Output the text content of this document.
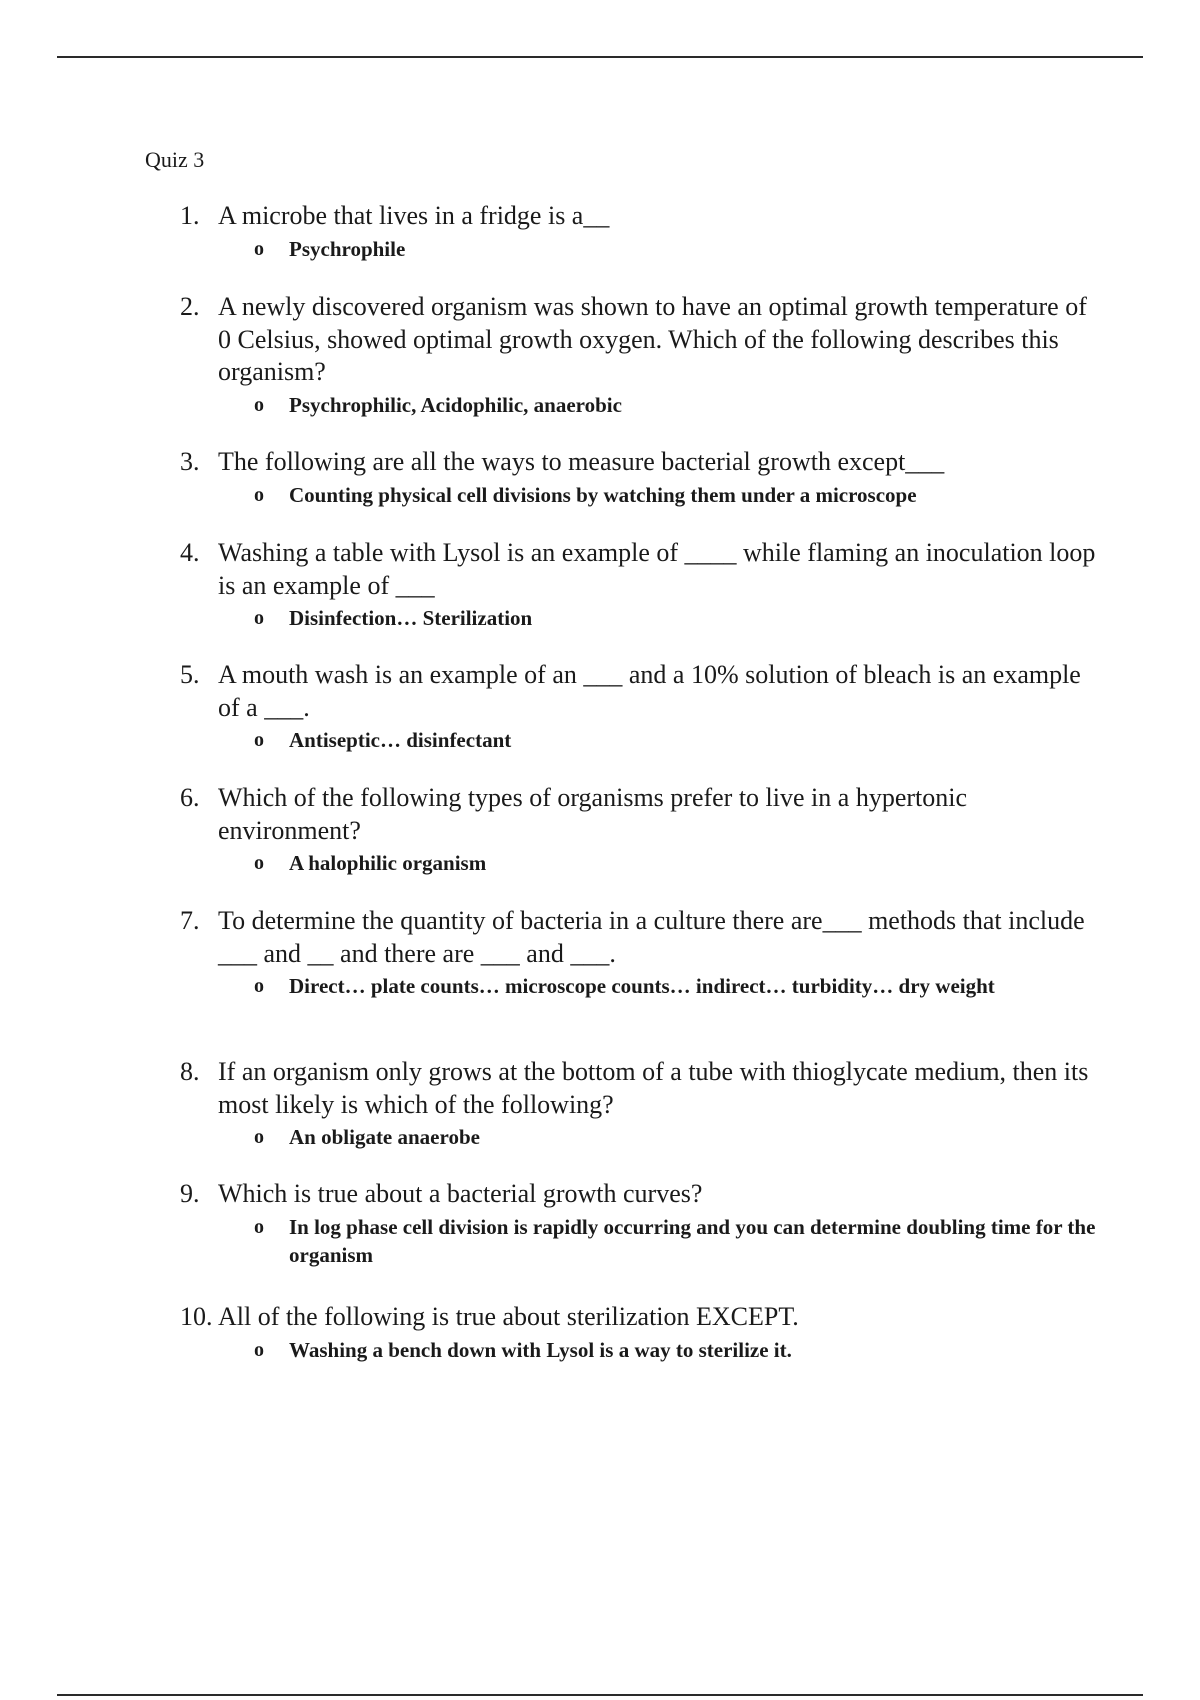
Quiz 3
1. A microbe that lives in a fridge is a__
o	Psychrophile
2. A newly discovered organism was shown to have an optimal growth temperature of 0 Celsius, showed optimal growth oxygen. Which of the following describes this organism?
o	Psychrophilic, Acidophilic, anaerobic
3. The following are all the ways to measure bacterial growth except___
o	Counting physical cell divisions by watching them under a microscope
4. Washing a table with Lysol is an example of ____ while flaming an inoculation loop is an example of ___
o	Disinfection… Sterilization
5. A mouth wash is an example of an ___ and a 10% solution of bleach is an example of a ___.
o	Antiseptic… disinfectant
6. Which of the following types of organisms prefer to live in a hypertonic environment?
o	A halophilic organism
7. To determine the quantity of bacteria in a culture there are___ methods that include ___ and __ and there are ___ and ___.
o	Direct… plate counts… microscope counts… indirect… turbidity… dry weight
8. If an organism only grows at the bottom of a tube with thioglycate medium, then its most likely is which of the following?
o	An obligate anaerobe
9. Which is true about a bacterial growth curves?
o	In log phase cell division is rapidly occurring and you can determine doubling time for the organism
10. All of the following is true about sterilization EXCEPT.
o	Washing a bench down with Lysol is a way to sterilize it.
